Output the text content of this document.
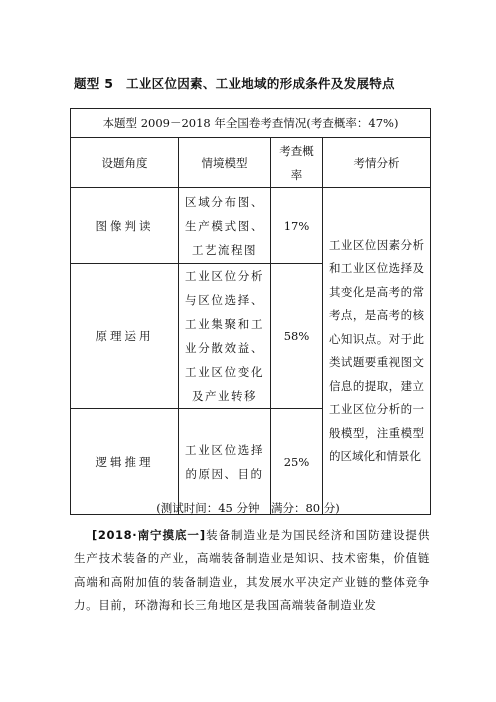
题型 5　工业区位因素、工业地域的形成条件及发展特点
本题型 2009－2018 年全国卷考查情况(考查概率：47%)			
设题角度	情境模型	考查概率	考情分析
图像判读	区域分布图、生产模式图、工艺流程图	17%	工业区位因素分析和工业区位选择及其变化是高考的常考点，是高考的核心知识点。对于此类试题要重视图文信息的提取，建立工业区位分析的一般模型，注重模型的区域化和情景化
原理运用	工业区位分析与区位选择、工业集聚和工业分散效益、工业区位变化及产业转移	58%	
逻辑推理	工业区位选择的原因、目的	25%	
(测试时间：45 分钟　满分：80 分)
[2018·南宁摸底一]装备制造业是为国民经济和国防建设提供生产技术装备的产业，高端装备制造业是知识、技术密集，价值链高端和高附加值的装备制造业，其发展水平决定产业链的整体竞争力。目前，环渤海和长三角地区是我国高端装备制造业发
